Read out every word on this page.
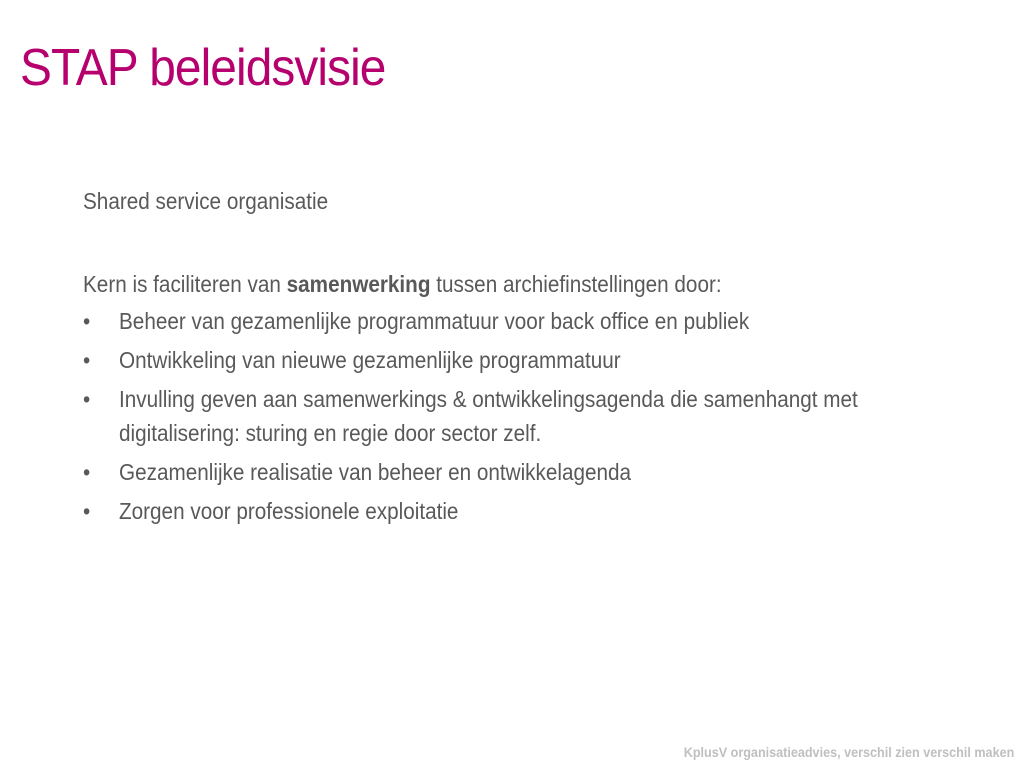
STAP beleidsvisie
Shared service organisatie
Kern is faciliteren van samenwerking tussen archiefinstellingen door:
• Beheer van gezamenlijke programmatuur voor back office en publiek
• Ontwikkeling van nieuwe gezamenlijke programmatuur
• Invulling geven aan samenwerkings & ontwikkelingsagenda die samenhangt met digitalisering: sturing en regie door sector zelf.
• Gezamenlijke realisatie van beheer en ontwikkelagenda
• Zorgen voor professionele exploitatie
KplusV organisatieadvies, verschil zien verschil maken
